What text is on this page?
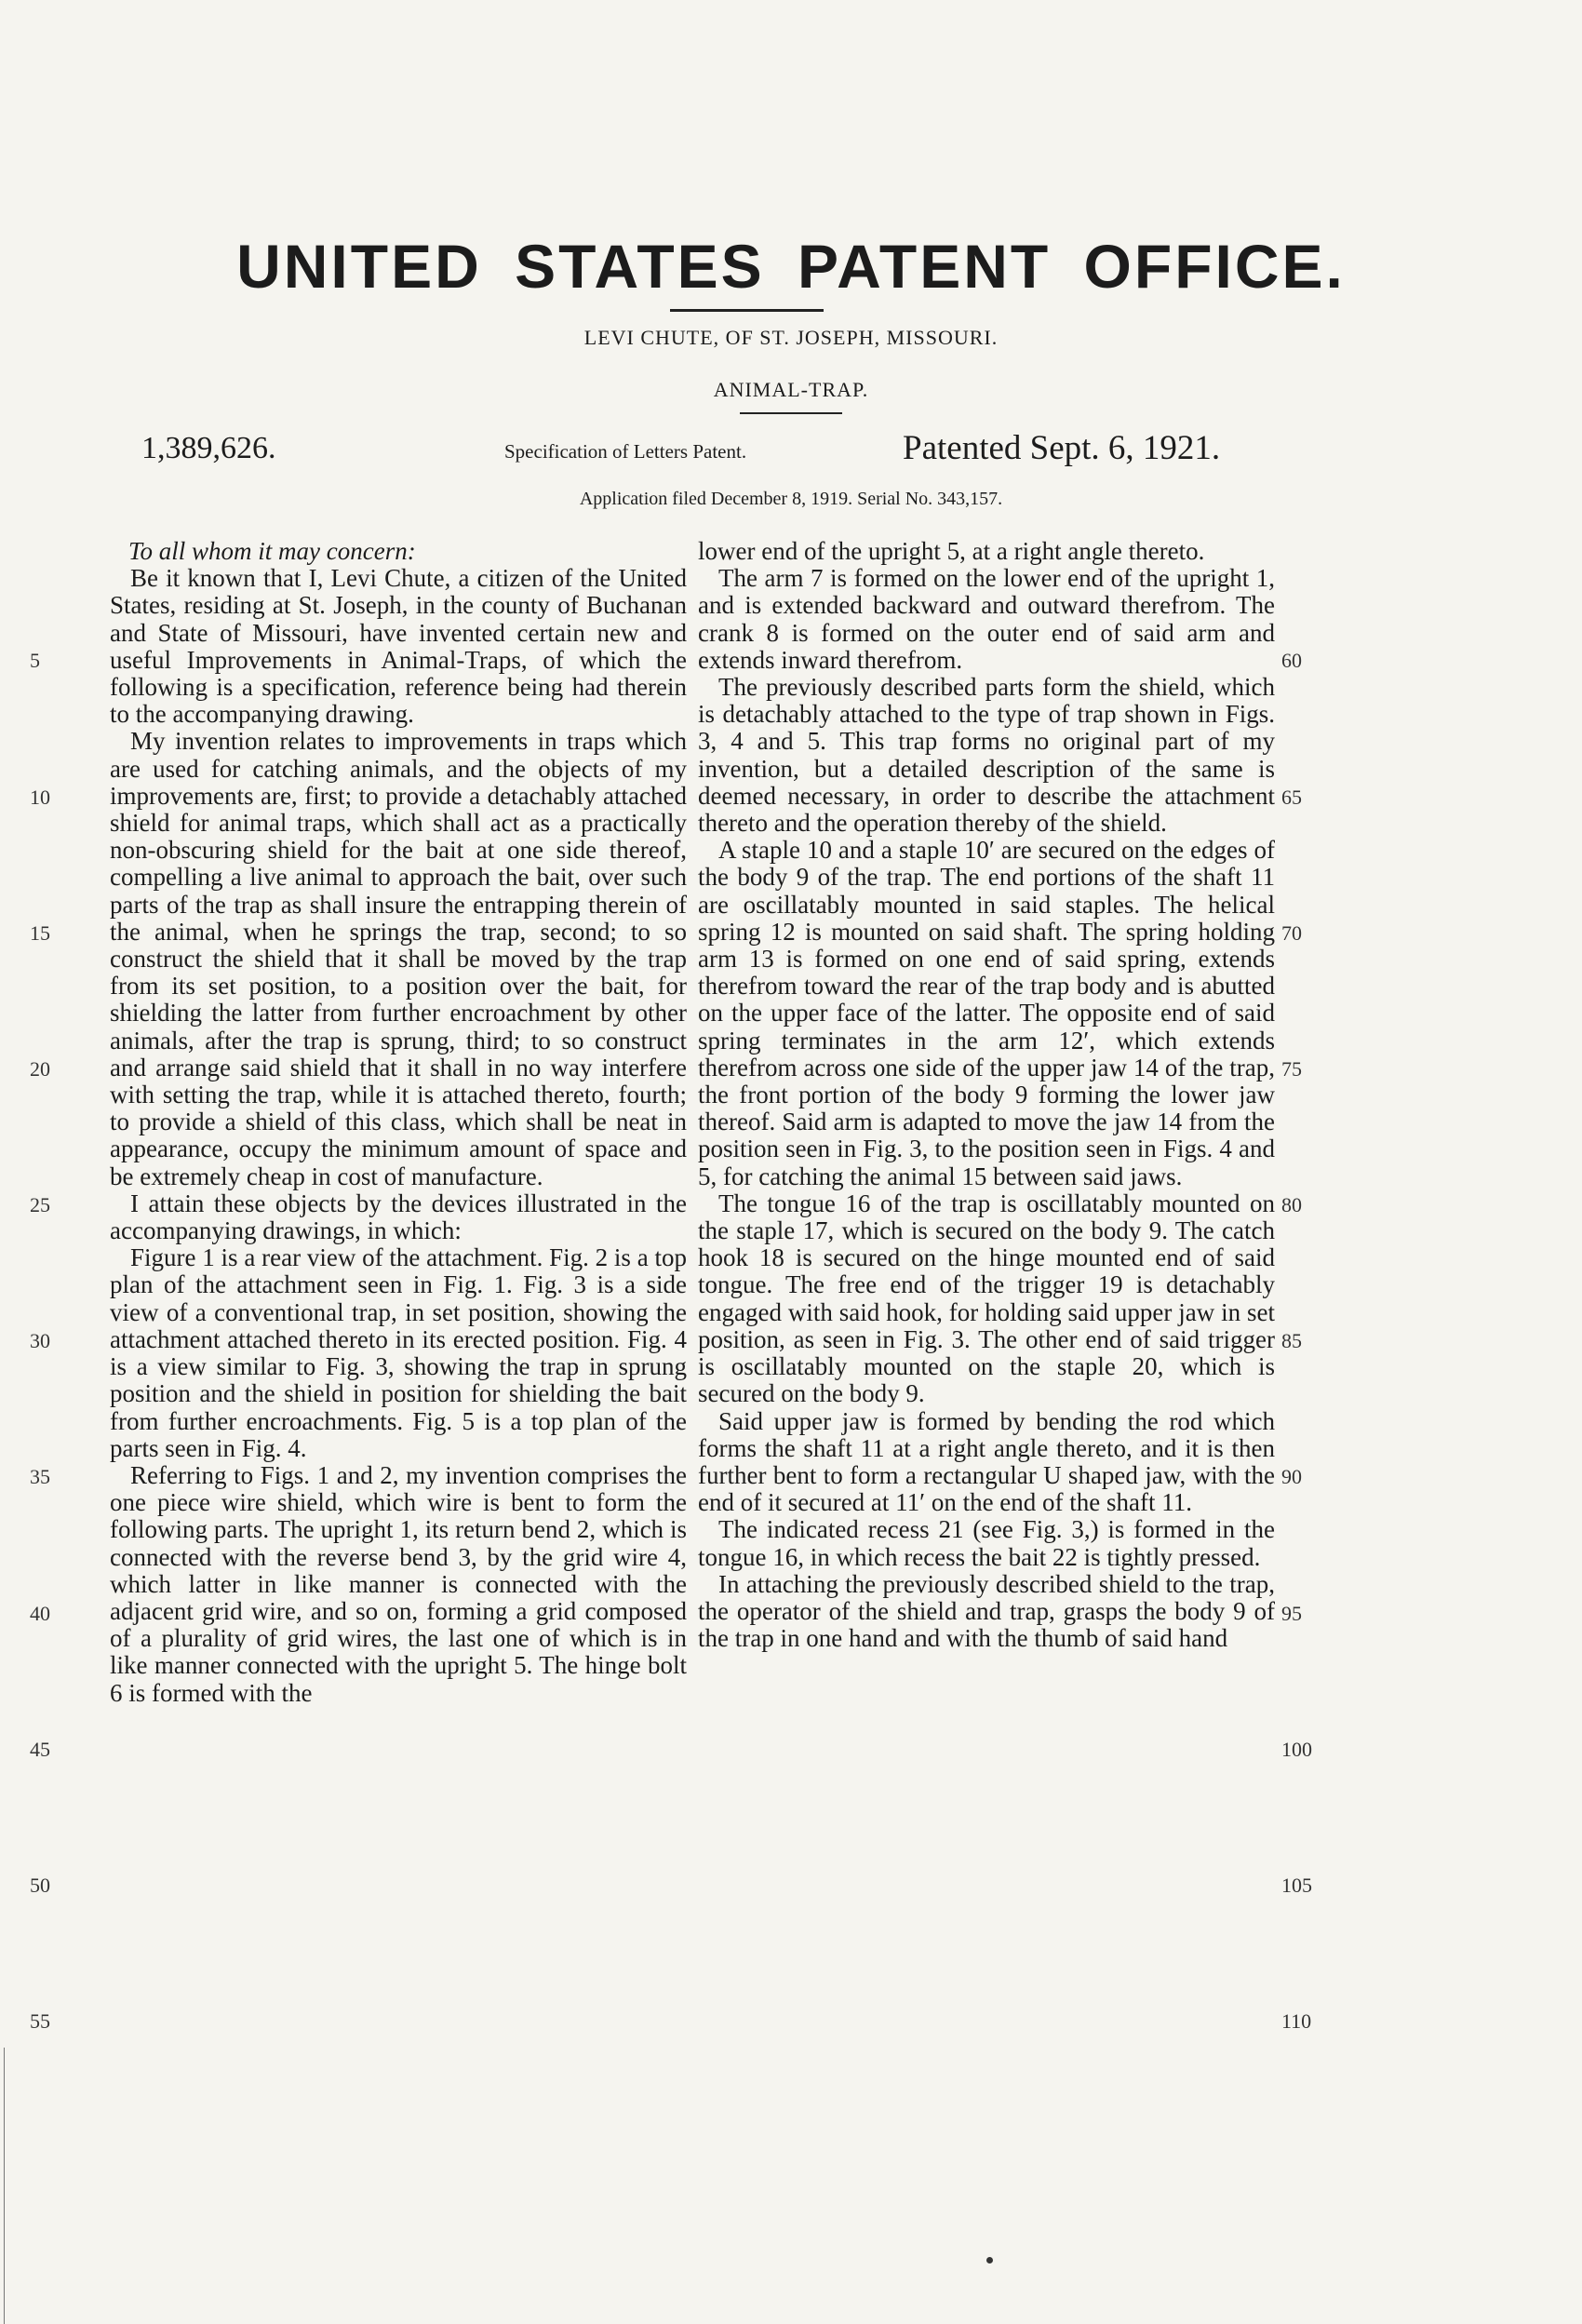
UNITED STATES PATENT OFFICE.
LEVI CHUTE, OF ST. JOSEPH, MISSOURI.
ANIMAL-TRAP.
1,389,626.	Specification of Letters Patent.	Patented Sept. 6, 1921.
Application filed December 8, 1919. Serial No. 343,157.

To all whom it may concern:

Be it known that I, Levi Chute, a citizen of the United States, residing at St. Joseph, in the county of Buchanan and State of Missouri, have invented certain new and useful Improvements in Animal-Traps, of which the following is a specification, reference being had therein to the accompanying drawing.

My invention relates to improvements in traps which are used for catching animals, and the objects of my improvements are, first; to provide a detachably attached shield for animal traps, which shall act as a practically non-obscuring shield for the bait at one side thereof, compelling a live animal to approach the bait, over such parts of the trap as shall insure the entrapping therein of the animal, when he springs the trap, second; to so construct the shield that it shall be moved by the trap from its set position, to a position over the bait, for shielding the latter from further encroachment by other animals, after the trap is sprung, third; to so construct and arrange said shield that it shall in no way interfere with setting the trap, while it is attached thereto, fourth; to provide a shield of this class, which shall be neat in appearance, occupy the minimum amount of space and be extremely cheap in cost of manufacture.

I attain these objects by the devices illustrated in the accompanying drawings, in which:

Figure 1 is a rear view of the attachment. Fig. 2 is a top plan of the attachment seen in Fig. 1. Fig. 3 is a side view of a conventional trap, in set position, showing the attachment attached thereto in its erected position. Fig. 4 is a view similar to Fig. 3, showing the trap in sprung position and the shield in position for shielding the bait from further encroachments. Fig. 5 is a top plan of the parts seen in Fig. 4.

Referring to Figs. 1 and 2, my invention comprises the one piece wire shield, which wire is bent to form the following parts. The upright 1, its return bend 2, which is connected with the reverse bend 3, by the grid wire 4, which latter in like manner is connected with the adjacent grid wire, and so on, forming a grid composed of a plurality of grid wires, the last one of which is in like manner connected with the upright 5. The hinge bolt 6 is formed with the

lower end of the upright 5, at a right angle thereto.

The arm 7 is formed on the lower end of the upright 1, and is extended backward and outward therefrom. The crank 8 is formed on the outer end of said arm and extends inward therefrom.

The previously described parts form the shield, which is detachably attached to the type of trap shown in Figs. 3, 4 and 5. This trap forms no original part of my invention, but a detailed description of the same is deemed necessary, in order to describe the attachment thereto and the operation thereby of the shield.

A staple 10 and a staple 10′ are secured on the edges of the body 9 of the trap. The end portions of the shaft 11 are oscillatably mounted in said staples. The helical spring 12 is mounted on said shaft. The spring holding arm 13 is formed on one end of said spring, extends therefrom toward the rear of the trap body and is abutted on the upper face of the latter. The opposite end of said spring terminates in the arm 12′, which extends therefrom across one side of the upper jaw 14 of the trap, the front portion of the body 9 forming the lower jaw thereof. Said arm is adapted to move the jaw 14 from the position seen in Fig. 3, to the position seen in Figs. 4 and 5, for catching the animal 15 between said jaws.

The tongue 16 of the trap is oscillatably mounted on the staple 17, which is secured on the body 9. The catch hook 18 is secured on the hinge mounted end of said tongue. The free end of the trigger 19 is detachably engaged with said hook, for holding said upper jaw in set position, as seen in Fig. 3. The other end of said trigger is oscillatably mounted on the staple 20, which is secured on the body 9.

Said upper jaw is formed by bending the rod which forms the shaft 11 at a right angle thereto, and it is then further bent to form a rectangular U shaped jaw, with the end of it secured at 11′ on the end of the shaft 11.

The indicated recess 21 (see Fig. 3,) is formed in the tongue 16, in which recess the bait 22 is tightly pressed.

In attaching the previously described shield to the trap, the operator of the shield and trap, grasps the body 9 of the trap in one hand and with the thumb of said hand

5
10
15
20
25
30
35
40
45
50
55
60
65
70
75
80
85
90
95
100
105
110
